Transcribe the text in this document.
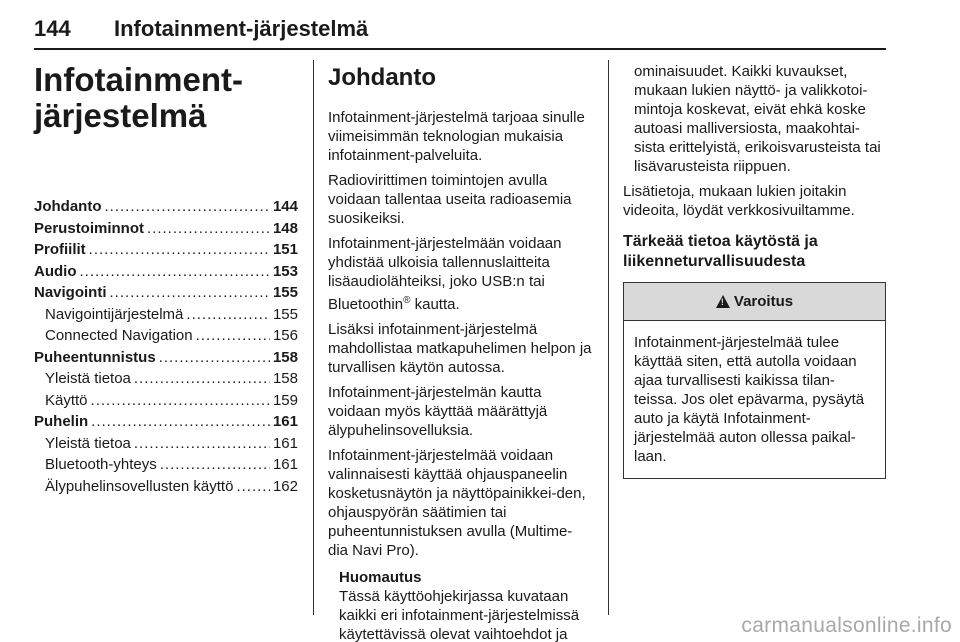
144 Infotainment-järjestelmä
Infotainment-
järjestelmä
Johdanto .....	144
Perustoiminnot .....	148
Profiilit .....	151
Audio .....	153
Navigointi .....	155
Navigointijärjestelmä .....	155
Connected Navigation .....	156
Puheentunnistus .....	158
Yleistä tietoa .....	158
Käyttö .....	159
Puhelin .....	161
Yleistä tietoa .....	161
Bluetooth-yhteys .....	161
Älypuhelinsovellusten käyttö .....	162
Johdanto

Infotainment-järjestelmä tarjoaa sinulle viimeisimmän teknologian mukaisia infotainment-palveluita.

Radiovirittimen toimintojen avulla voidaan tallentaa useita radioasemia suosikeiksi.

Infotainment-järjestelmään voidaan yhdistää ulkoisia tallennuslaitteita lisäaudiolähteiksi, joko USB:n tai Bluetoothin® kautta.

Lisäksi infotainment-järjestelmä mahdollistaa matkapuhelimen helpon ja turvallisen käytön autossa.

Infotainment-järjestelmän kautta voidaan myös käyttää määrättyjä älypuhelinsovelluksia.

Infotainment-järjestelmää voidaan valinnaisesti käyttää ohjauspaneelin kosketusnäytön ja näyttöpainikkei-den, ohjauspyörän säätimien tai puheentunnistuksen avulla (Multime-dia Navi Pro).

Huomautus
Tässä käyttöohjekirjassa kuvataan kaikki eri infotainment-järjestelmissä käytettävissä olevat vaihtoehdot ja
ominaisuudet. Kaikki kuvaukset, mukaan lukien näyttö- ja valikkotoi-mintoja koskevat, eivät ehkä koske autoasi malliversiosta, maakohtai-sista erittelyistä, erikoisvarusteista tai lisävarusteista riippuen.

Lisätietoja, mukaan lukien joitakin videoita, löydät verkkosivuiltamme.

Tärkeää tietoa käytöstä ja liikenneturvallisuudesta
!
Varoitus
Infotainment-järjestelmää tulee käyttää siten, että autolla voidaan ajaa turvallisesti kaikissa tilan-teissa. Jos olet epävarma, pysäytä auto ja käytä Infotainment-järjestelmää auton ollessa paikal-laan.
carmanualsonline.info
